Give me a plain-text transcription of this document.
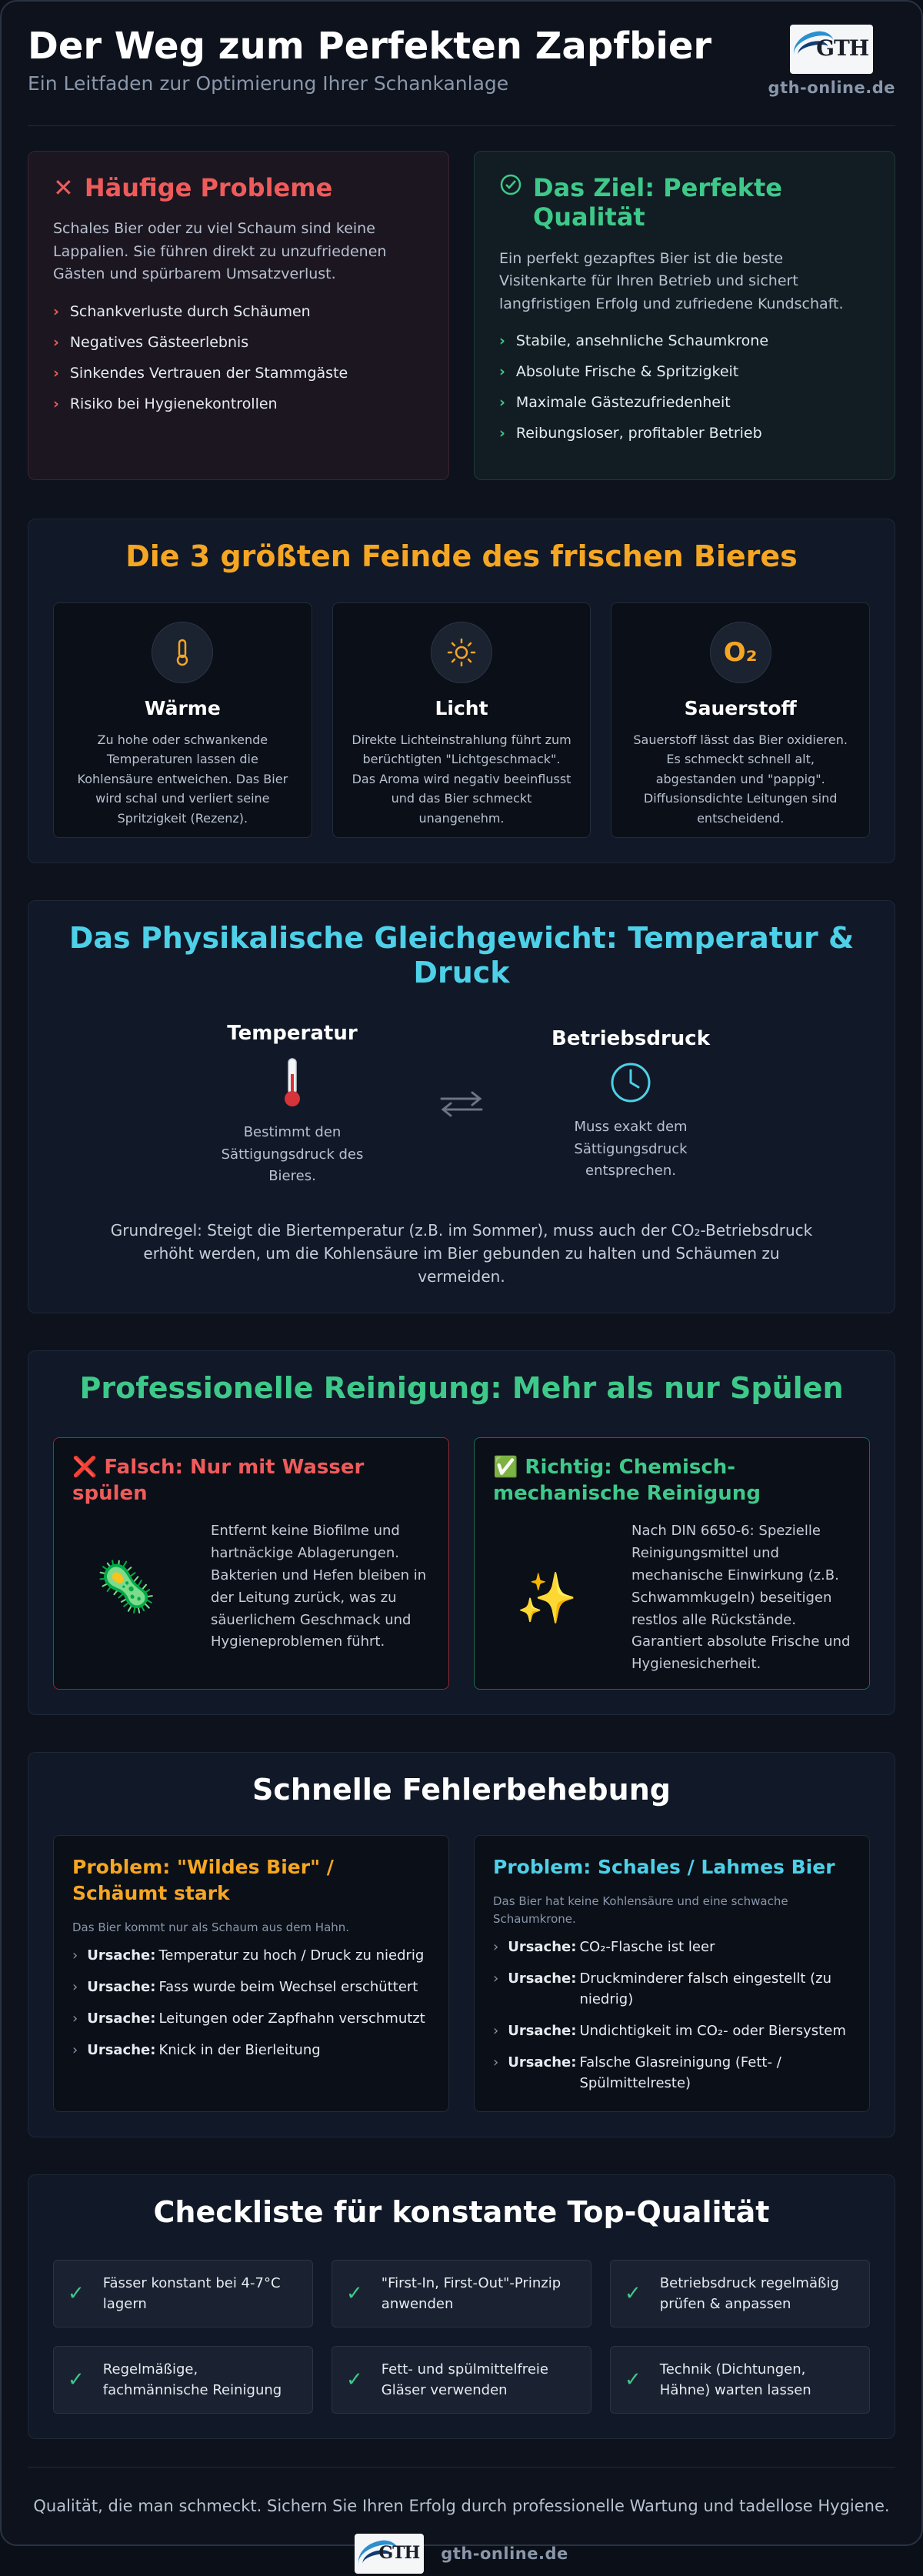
Der Weg zum Perfekten Zapfbier
Ein Leitfaden zur Optimierung Ihrer Schankanlage
GTH
gth-online.de
✕ Häufige Probleme

Schales Bier oder zu viel Schaum sind keine Lappalien. Sie führen direkt zu unzufriedenen Gästen und spürbarem Umsatzverlust.

› Schankverluste durch Schäumen
› Negatives Gästeerlebnis
› Sinkendes Vertrauen der Stammgäste
› Risiko bei Hygienekontrollen
Das Ziel: Perfekte Qualität

Ein perfekt gezapftes Bier ist die beste Visitenkarte für Ihren Betrieb und sichert langfristigen Erfolg und zufriedene Kundschaft.

› Stabile, ansehnliche Schaumkrone
› Absolute Frische & Spritzigkeit
› Maximale Gästezufriedenheit
› Reibungsloser, profitabler Betrieb
Die 3 größten Feinde des frischen Bieres
Wärme

Zu hohe oder schwankende Temperaturen lassen die Kohlensäure entweichen. Das Bier wird schal und verliert seine Spritzigkeit (Rezenz).

Licht

Direkte Lichteinstrahlung führt zum berüchtigten "Lichtgeschmack". Das Aroma wird negativ beeinflusst und das Bier schmeckt unangenehm.

O₂
Sauerstoff

Sauerstoff lässt das Bier oxidieren. Es schmeckt schnell alt, abgestanden und "pappig". Diffusionsdichte Leitungen sind entscheidend.

Das Physikalische Gleichgewicht: Temperatur & Druck
Temperatur

Bestimmt den Sättigungsdruck des Bieres.

Betriebsdruck

Muss exakt dem Sättigungsdruck entsprechen.

Grundregel: Steigt die Biertemperatur (z.B. im Sommer), muss auch der CO₂-Betriebsdruck erhöht werden, um die Kohlensäure im Bier gebunden zu halten und Schäumen zu vermeiden.

Professionelle Reinigung: Mehr als nur Spülen
❌ Falsch: Nur mit Wasser spülen
🦠

Entfernt keine Biofilme und hartnäckige Ablagerungen. Bakterien und Hefen bleiben in der Leitung zurück, was zu säuerlichem Geschmack und Hygieneproblemen führt.

✅ Richtig: Chemisch-mechanische Reinigung
✨

Nach DIN 6650-6: Spezielle Reinigungsmittel und mechanische Einwirkung (z.B. Schwammkugeln) beseitigen restlos alle Rückstände. Garantiert absolute Frische und Hygienesicherheit.

Schnelle Fehlerbehebung
Problem: "Wildes Bier" / Schäumt stark

Das Bier kommt nur als Schaum aus dem Hahn.

› Ursache: Temperatur zu hoch / Druck zu niedrig
› Ursache: Fass wurde beim Wechsel erschüttert
› Ursache: Leitungen oder Zapfhahn verschmutzt
› Ursache: Knick in der Bierleitung
Problem: Schales / Lahmes Bier

Das Bier hat keine Kohlensäure und eine schwache Schaumkrone.

› Ursache: CO₂-Flasche ist leer
› Ursache: Druckminderer falsch eingestellt (zu niedrig)
› Ursache: Undichtigkeit im CO₂- oder Biersystem
› Ursache: Falsche Glasreinigung (Fett- / Spülmittelreste)
Checkliste für konstante Top-Qualität
✓ Fässer konstant bei 4-7°C lagern	✓ "First-In, First-Out"-Prinzip anwenden	✓ Betriebsdruck regelmäßig prüfen & anpassen
✓ Regelmäßige, fachmännische Reinigung	✓ Fett- und spülmittelfreie Gläser verwenden	✓ Technik (Dichtungen, Hähne) warten lassen

Qualität, die man schmeckt. Sichern Sie Ihren Erfolg durch professionelle Wartung und tadellose Hygiene.

GTH gth-online.de
